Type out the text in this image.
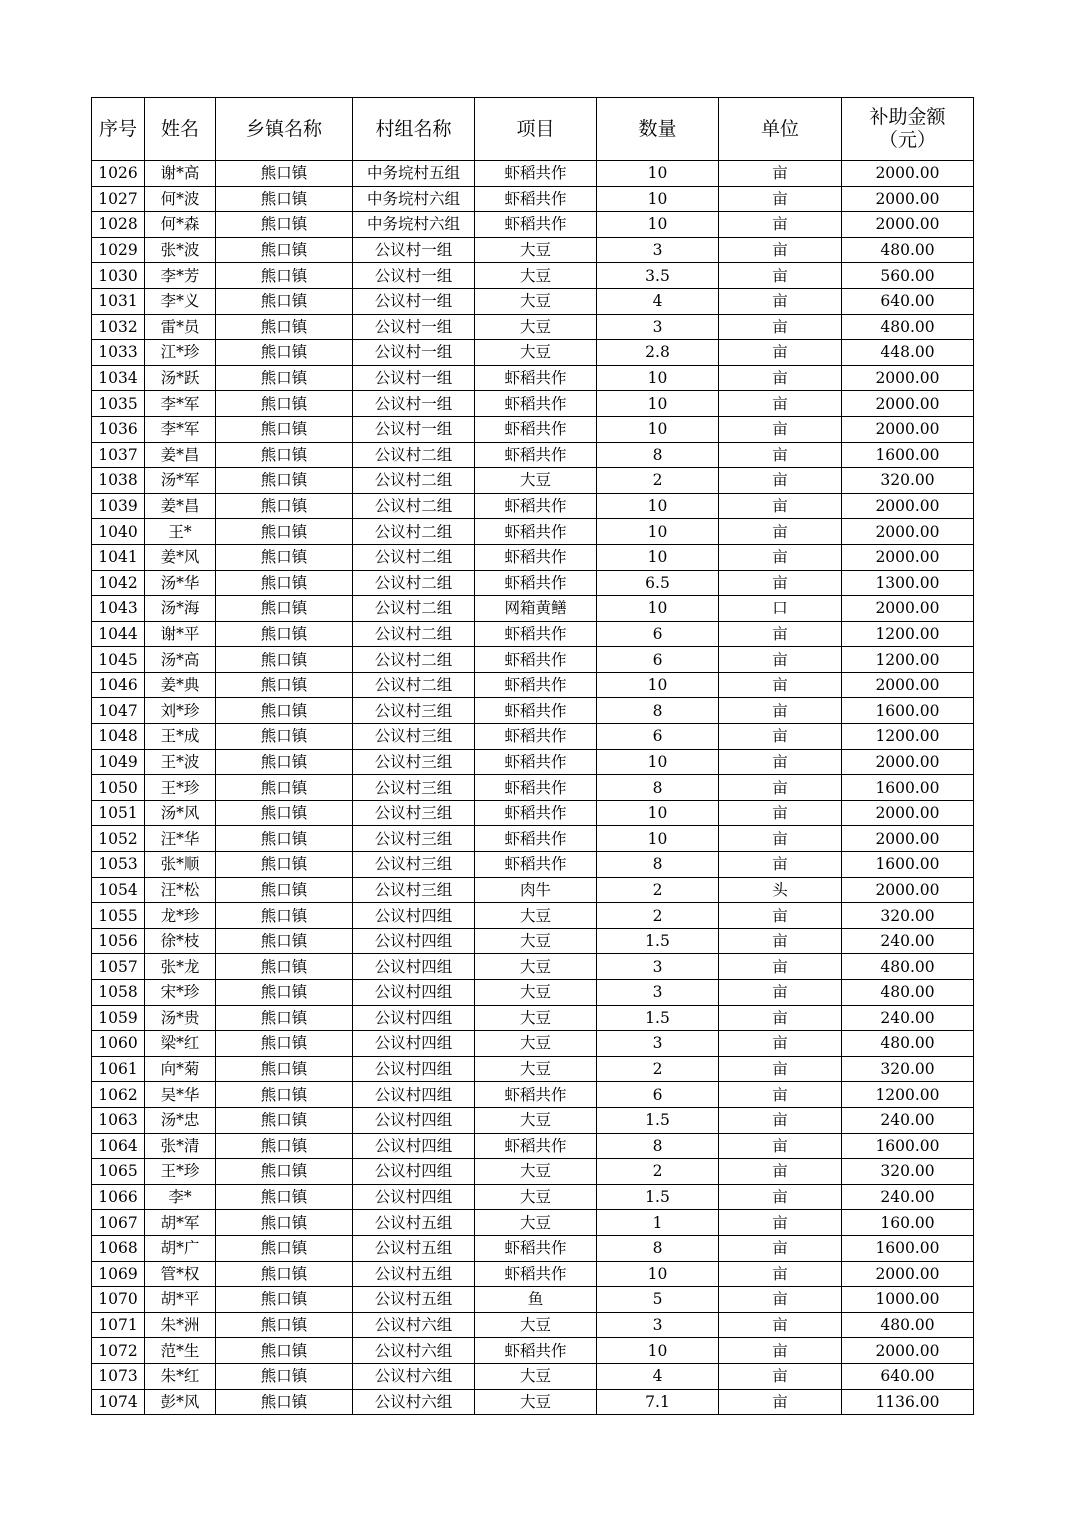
序号	姓名	乡镇名称	村组名称	项目	数量	单位	补助金额
（元）

1026	谢*高	熊口镇	中务垸村五组	虾稻共作	10	亩	2000.00
1027	何*波	熊口镇	中务垸村六组	虾稻共作	10	亩	2000.00
1028	何*森	熊口镇	中务垸村六组	虾稻共作	10	亩	2000.00
1029	张*波	熊口镇	公议村一组	大豆	3	亩	480.00
1030	李*芳	熊口镇	公议村一组	大豆	3.5	亩	560.00
1031	李*义	熊口镇	公议村一组	大豆	4	亩	640.00
1032	雷*员	熊口镇	公议村一组	大豆	3	亩	480.00
1033	江*珍	熊口镇	公议村一组	大豆	2.8	亩	448.00
1034	汤*跃	熊口镇	公议村一组	虾稻共作	10	亩	2000.00
1035	李*军	熊口镇	公议村一组	虾稻共作	10	亩	2000.00
1036	李*军	熊口镇	公议村一组	虾稻共作	10	亩	2000.00
1037	姜*昌	熊口镇	公议村二组	虾稻共作	8	亩	1600.00
1038	汤*军	熊口镇	公议村二组	大豆	2	亩	320.00
1039	姜*昌	熊口镇	公议村二组	虾稻共作	10	亩	2000.00
1040	王*	熊口镇	公议村二组	虾稻共作	10	亩	2000.00
1041	姜*风	熊口镇	公议村二组	虾稻共作	10	亩	2000.00
1042	汤*华	熊口镇	公议村二组	虾稻共作	6.5	亩	1300.00
1043	汤*海	熊口镇	公议村二组	网箱黄鳝	10	口	2000.00
1044	谢*平	熊口镇	公议村二组	虾稻共作	6	亩	1200.00
1045	汤*高	熊口镇	公议村二组	虾稻共作	6	亩	1200.00
1046	姜*典	熊口镇	公议村二组	虾稻共作	10	亩	2000.00
1047	刘*珍	熊口镇	公议村三组	虾稻共作	8	亩	1600.00
1048	王*成	熊口镇	公议村三组	虾稻共作	6	亩	1200.00
1049	王*波	熊口镇	公议村三组	虾稻共作	10	亩	2000.00
1050	王*珍	熊口镇	公议村三组	虾稻共作	8	亩	1600.00
1051	汤*风	熊口镇	公议村三组	虾稻共作	10	亩	2000.00
1052	汪*华	熊口镇	公议村三组	虾稻共作	10	亩	2000.00
1053	张*顺	熊口镇	公议村三组	虾稻共作	8	亩	1600.00
1054	汪*松	熊口镇	公议村三组	肉牛	2	头	2000.00
1055	龙*珍	熊口镇	公议村四组	大豆	2	亩	320.00
1056	徐*枝	熊口镇	公议村四组	大豆	1.5	亩	240.00
1057	张*龙	熊口镇	公议村四组	大豆	3	亩	480.00
1058	宋*珍	熊口镇	公议村四组	大豆	3	亩	480.00
1059	汤*贵	熊口镇	公议村四组	大豆	1.5	亩	240.00
1060	梁*红	熊口镇	公议村四组	大豆	3	亩	480.00
1061	向*菊	熊口镇	公议村四组	大豆	2	亩	320.00
1062	吴*华	熊口镇	公议村四组	虾稻共作	6	亩	1200.00
1063	汤*忠	熊口镇	公议村四组	大豆	1.5	亩	240.00
1064	张*清	熊口镇	公议村四组	虾稻共作	8	亩	1600.00
1065	王*珍	熊口镇	公议村四组	大豆	2	亩	320.00
1066	李*	熊口镇	公议村四组	大豆	1.5	亩	240.00
1067	胡*军	熊口镇	公议村五组	大豆	1	亩	160.00
1068	胡*广	熊口镇	公议村五组	虾稻共作	8	亩	1600.00
1069	管*权	熊口镇	公议村五组	虾稻共作	10	亩	2000.00
1070	胡*平	熊口镇	公议村五组	鱼	5	亩	1000.00
1071	朱*洲	熊口镇	公议村六组	大豆	3	亩	480.00
1072	范*生	熊口镇	公议村六组	虾稻共作	10	亩	2000.00
1073	朱*红	熊口镇	公议村六组	大豆	4	亩	640.00
1074	彭*风	熊口镇	公议村六组	大豆	7.1	亩	1136.00
